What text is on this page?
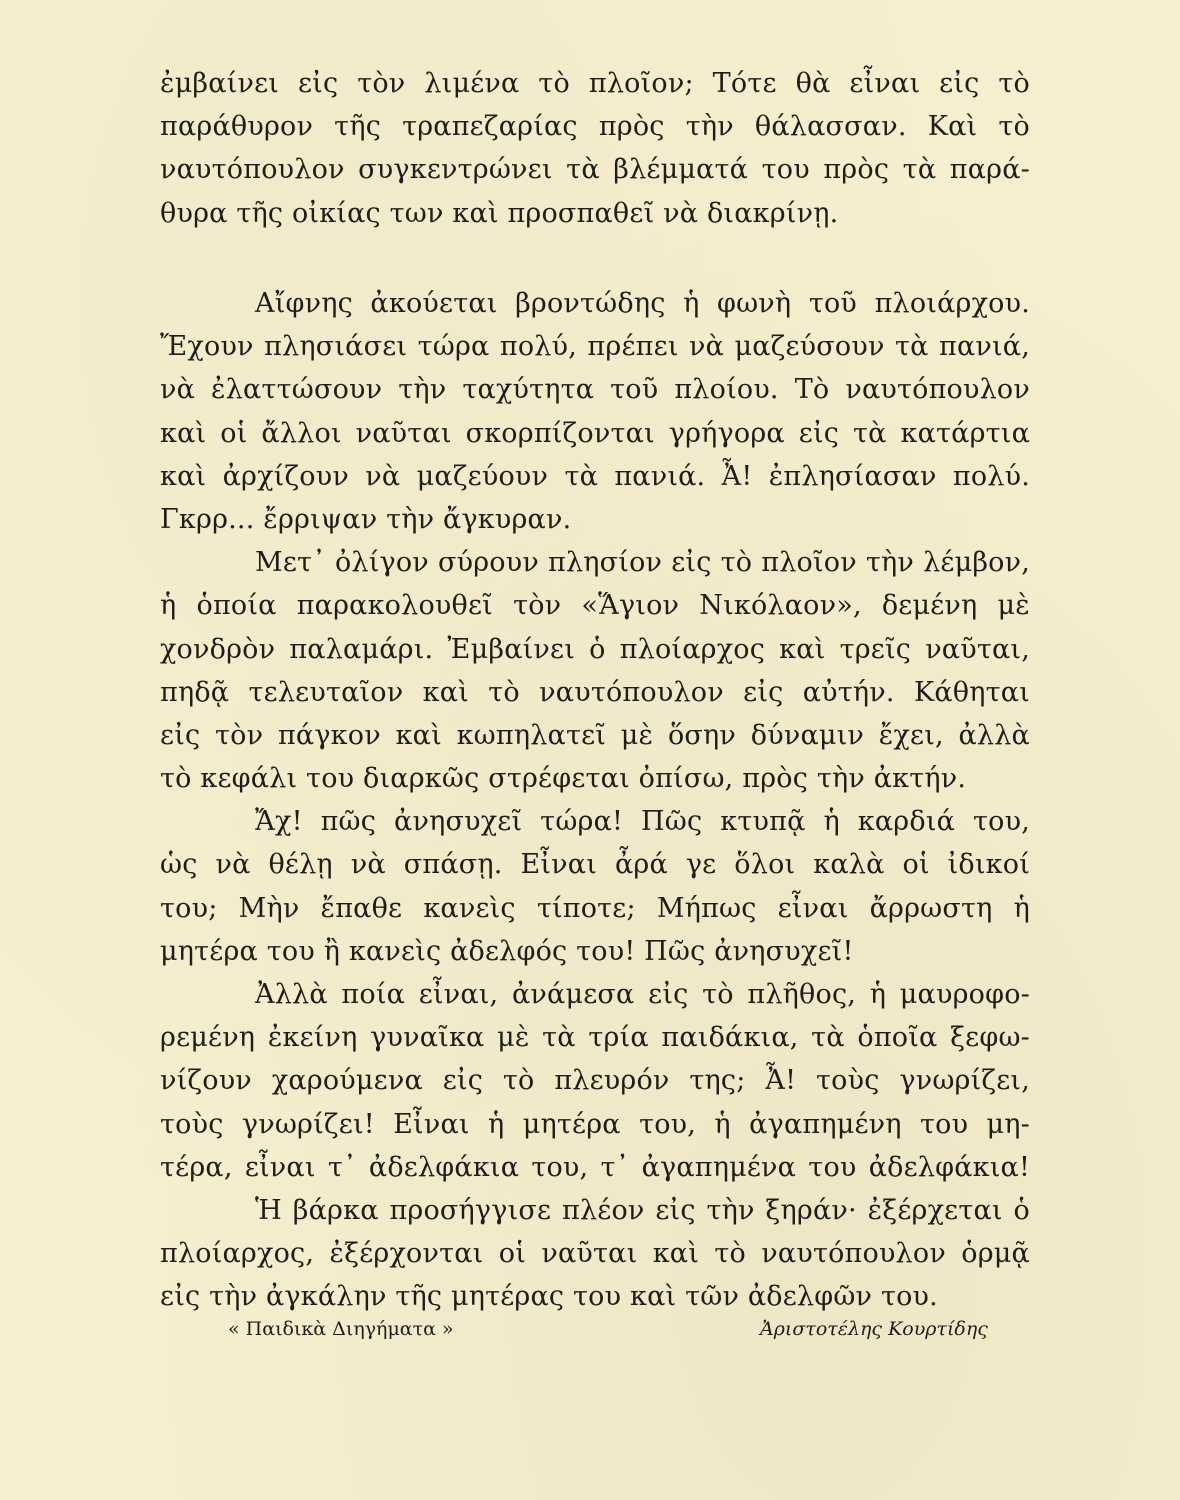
ἐμβαίνει εἰς τὸν λιμένα τὸ πλοῖον; Τότε θὰ εἶναι εἰς τὸ
παράθυρον τῆς τραπεζαρίας πρὸς τὴν θάλασσαν. Καὶ τὸ
ναυτόπουλον συγκεντρώνει τὰ βλέμματά του πρὸς τὰ παρά-
θυρα τῆς οἰκίας των καὶ προσπαθεῖ νὰ διακρίνῃ.
Αἴφνης ἀκούεται βροντώδης ἡ φωνὴ τοῦ πλοιάρχου.
Ἔχουν πλησιάσει τώρα πολύ, πρέπει νὰ μαζεύσουν τὰ πανιά,
νὰ ἐλαττώσουν τὴν ταχύτητα τοῦ πλοίου. Τὸ ναυτόπουλον
καὶ οἱ ἄλλοι ναῦται σκορπίζονται γρήγορα εἰς τὰ κατάρτια
καὶ ἀρχίζουν νὰ μαζεύουν τὰ πανιά. Ἆ! ἐπλησίασαν πολύ.
Γκρρ... ἔρριψαν τὴν ἄγκυραν.
Μετ᾿ ὀλίγον σύρουν πλησίον εἰς τὸ πλοῖον τὴν λέμβον,
ἡ ὁποία παρακολουθεῖ τὸν «Ἅγιον Νικόλαον», δεμένη μὲ
χονδρὸν παλαμάρι. Ἐμβαίνει ὁ πλοίαρχος καὶ τρεῖς ναῦται,
πηδᾷ τελευταῖον καὶ τὸ ναυτόπουλον εἰς αὐτήν. Κάθηται
εἰς τὸν πάγκον καὶ κωπηλατεῖ μὲ ὅσην δύναμιν ἔχει, ἀλλὰ
τὸ κεφάλι του διαρκῶς στρέφεται ὀπίσω, πρὸς τὴν ἀκτήν.
Ἄχ! πῶς ἀνησυχεῖ τώρα! Πῶς κτυπᾷ ἡ καρδιά του,
ὡς νὰ θέλῃ νὰ σπάσῃ. Εἶναι ἆρά γε ὅλοι καλὰ οἱ ἰδικοί
του; Μὴν ἔπαθε κανεὶς τίποτε; Μήπως εἶναι ἄρρωστη ἡ
μητέρα του ἢ κανεὶς ἀδελφός του! Πῶς ἀνησυχεῖ!
Ἀλλὰ ποία εἶναι, ἀνάμεσα εἰς τὸ πλῆθος, ἡ μαυροφο-
ρεμένη ἐκείνη γυναῖκα μὲ τὰ τρία παιδάκια, τὰ ὁποῖα ξεφω-
νίζουν χαρούμενα εἰς τὸ πλευρόν της; Ἆ! τοὺς γνωρίζει,
τοὺς γνωρίζει! Εἶναι ἡ μητέρα του, ἡ ἀγαπημένη του μη-
τέρα, εἶναι τ᾿ ἀδελφάκια του, τ᾿ ἀγαπημένα του ἀδελφάκια!
Ἡ βάρκα προσήγγισε πλέον εἰς τὴν ξηράν· ἐξέρχεται ὁ
πλοίαρχος, ἐξέρχονται οἱ ναῦται καὶ τὸ ναυτόπουλον ὁρμᾷ
εἰς τὴν ἀγκάλην τῆς μητέρας του καὶ τῶν ἀδελφῶν του.
« Παιδικὰ Διηγήματα »	Ἀριστοτέλης Κουρτίδης
